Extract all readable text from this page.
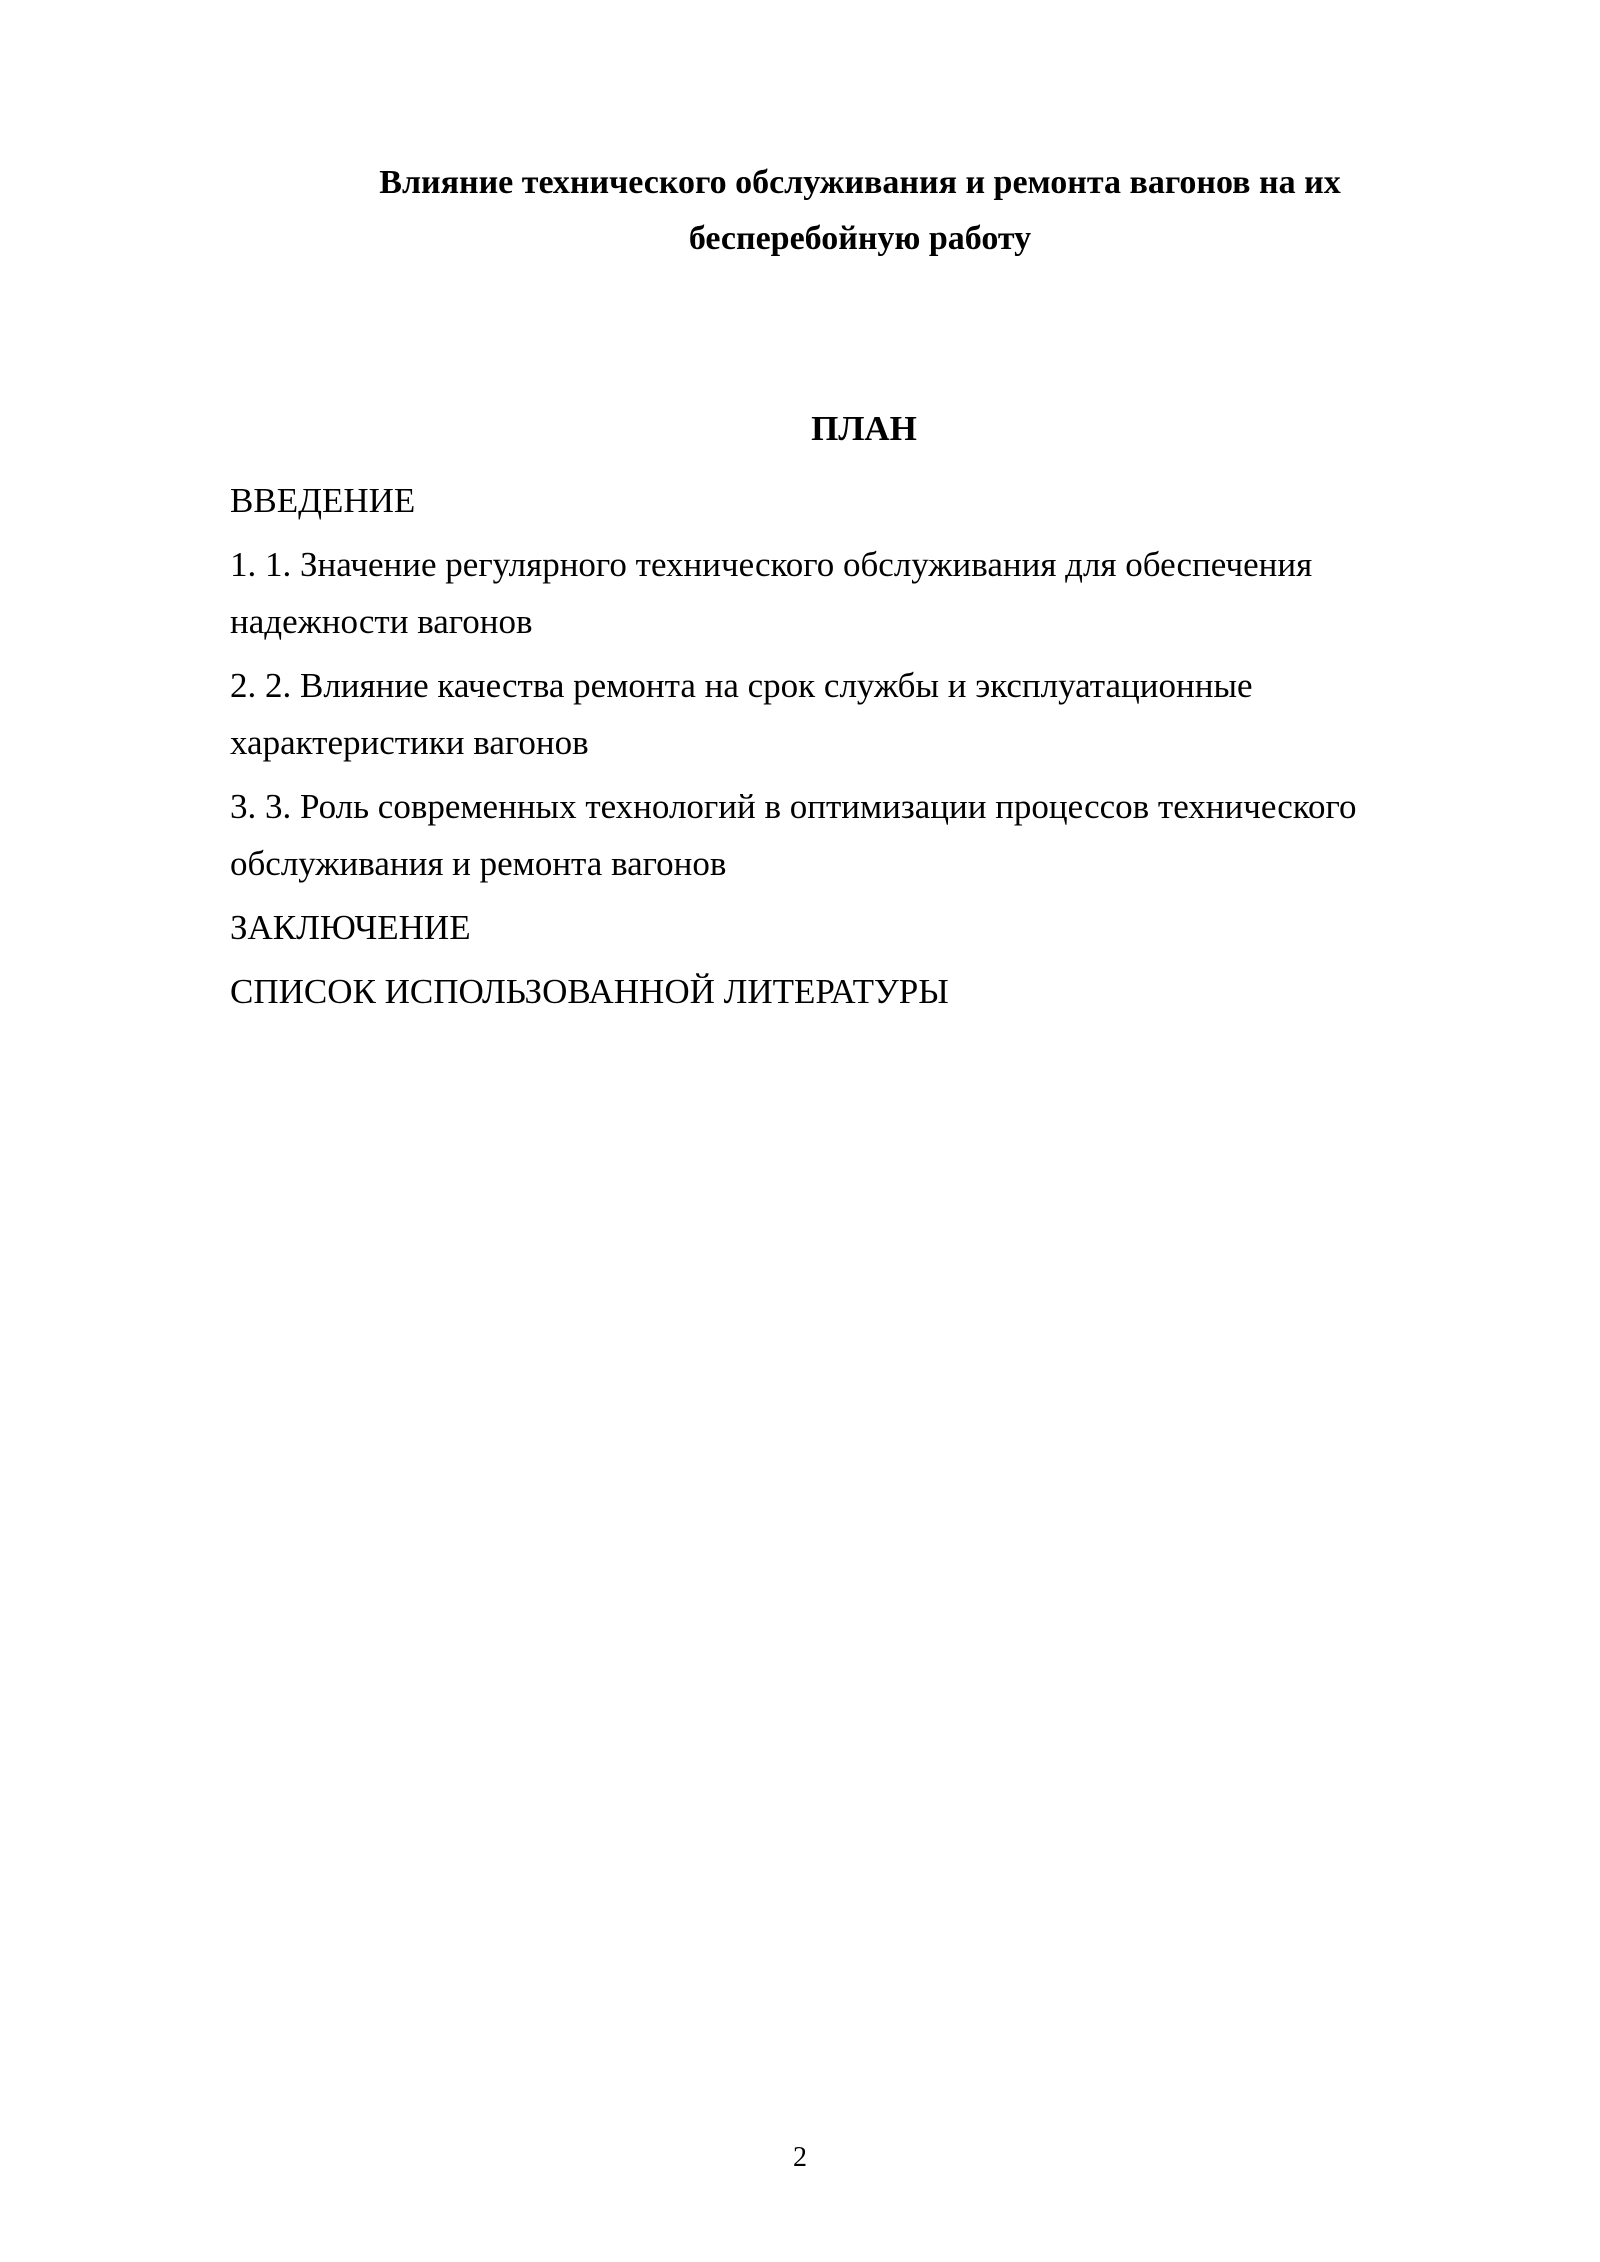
Влияние технического обслуживания и ремонта вагонов на их
бесперебойную работу
ПЛАН
ВВЕДЕНИЕ
1. 1. Значение регулярного технического обслуживания для обеспечения
надежности вагонов
2. 2. Влияние качества ремонта на срок службы и эксплуатационные
характеристики вагонов
3. 3. Роль современных технологий в оптимизации процессов технического
обслуживания и ремонта вагонов
ЗАКЛЮЧЕНИЕ
СПИСОК ИСПОЛЬЗОВАННОЙ ЛИТЕРАТУРЫ
2
